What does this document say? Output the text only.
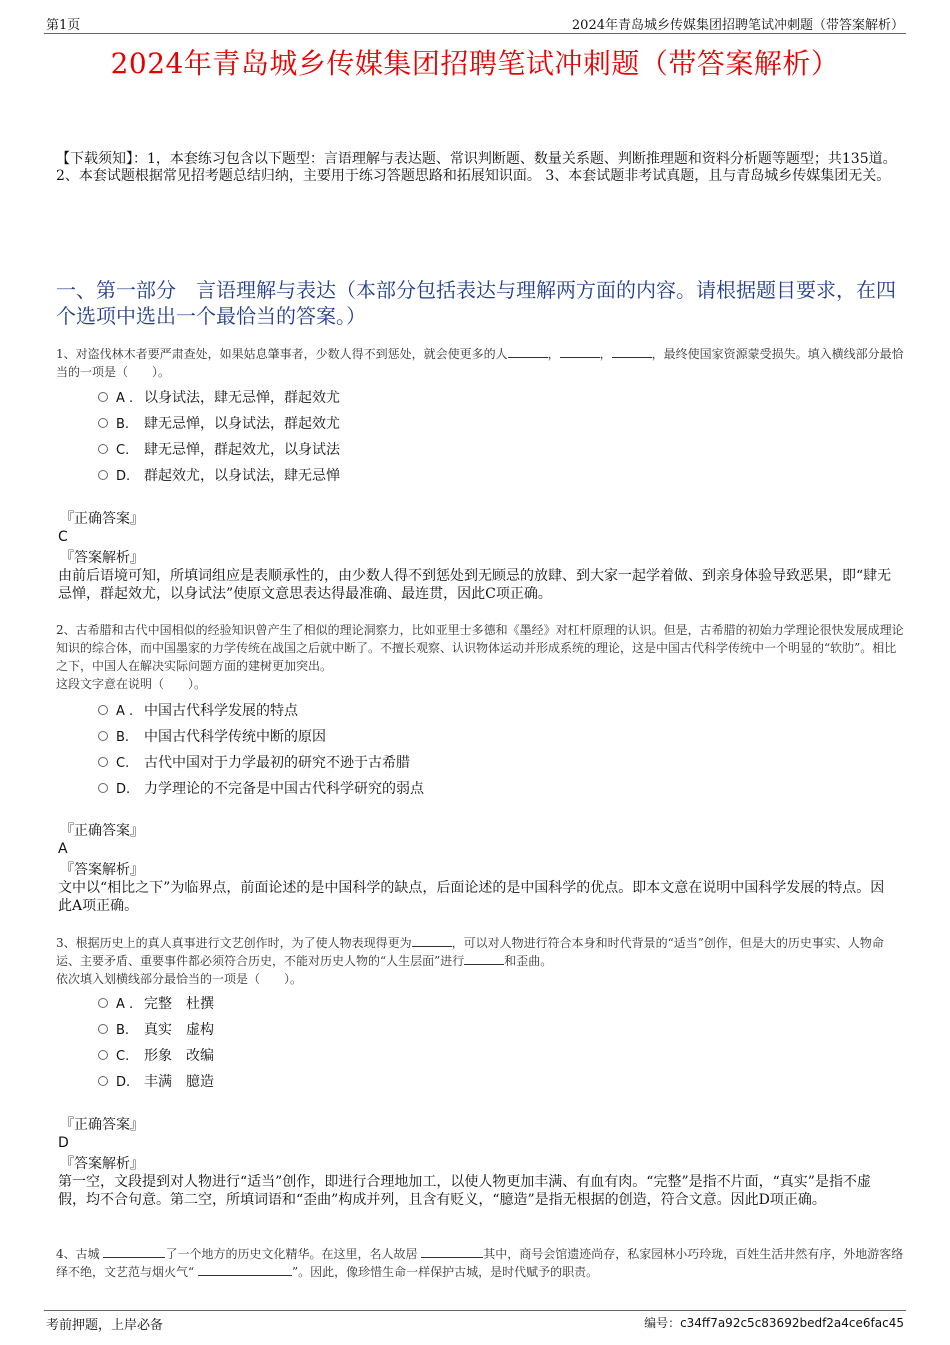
第1页	2024年青岛城乡传媒集团招聘笔试冲刺题（带答案解析）
2024年青岛城乡传媒集团招聘笔试冲刺题（带答案解析）
【下载须知】：1，本套练习包含以下题型：言语理解与表达题、常识判断题、数量关系题、判断推理题和资料分析题等题型；共135道。 2、本套试题根据常见招考题总结归纳，主要用于练习答题思路和拓展知识面。 3、本套试题非考试真题，且与青岛城乡传媒集团无关。
一、第一部分　言语理解与表达（本部分包括表达与理解两方面的内容。请根据题目要求，在四个选项中选出一个最恰当的答案。）
1、对盗伐林木者要严肃查处，如果姑息肇事者，少数人得不到惩处，就会使更多的人	，	，	，最终使国家资源蒙受损失。填入横线部分最恰当的一项是（　　）。
A . 以身试法，肆无忌惮，群起效尤
B. 肆无忌惮，以身试法，群起效尤
C. 肆无忌惮，群起效尤，以身试法
D. 群起效尤，以身试法，肆无忌惮
『正确答案』
C
『答案解析』
由前后语境可知，所填词组应是表顺承性的，由少数人得不到惩处到无顾忌的放肆、到大家一起学着做、到亲身体验导致恶果，即“肆无忌惮，群起效尤，以身试法”使原文意思表达得最准确、最连贯，因此C项正确。
2、古希腊和古代中国相似的经验知识曾产生了相似的理论洞察力，比如亚里士多德和《墨经》对杠杆原理的认识。但是，古希腊的初始力学理论很快发展成理论知识的综合体，而中国墨家的力学传统在战国之后就中断了。不擅长观察、认识物体运动并形成系统的理论，这是中国古代科学传统中一个明显的“软肋”。相比之下，中国人在解决实际问题方面的建树更加突出。
这段文字意在说明（　　）。
A . 中国古代科学发展的特点
B. 中国古代科学传统中断的原因
C. 古代中国对于力学最初的研究不逊于古希腊
D. 力学理论的不完备是中国古代科学研究的弱点
『正确答案』
A
『答案解析』
文中以“相比之下”为临界点，前面论述的是中国科学的缺点，后面论述的是中国科学的优点。即本文意在说明中国科学发展的特点。因此A项正确。
3、根据历史上的真人真事进行文艺创作时，为了使人物表现得更为	，可以对人物进行符合本身和时代背景的“适当”创作，但是大的历史事实、人物命运、主要矛盾、重要事件都必须符合历史，不能对历史人物的“人生层面”进行	和歪曲。
依次填入划横线部分最恰当的一项是（　　）。
A . 完整　杜撰
B. 真实　虚构
C. 形象　改编
D. 丰满　臆造
『正确答案』
D
『答案解析』
第一空，文段提到对人物进行“适当”创作，即进行合理地加工，以使人物更加丰满、有血有肉。“完整”是指不片面，“真实”是指不虚假，均不合句意。第二空，所填词语和“歪曲”构成并列，且含有贬义，“臆造”是指无根据的创造，符合文意。因此D项正确。
4、古城	了一个地方的历史文化精华。在这里，名人故居	其中，商号会馆遗迹尚存，私家园林小巧玲珑，百姓生活井然有序，外地游客络绎不绝，文艺范与烟火气“	”。因此，像珍惜生命一样保护古城，是时代赋予的职责。
考前押题，上岸必备	编号：c34ff7a92c5c83692bedf2a4ce6fac45
